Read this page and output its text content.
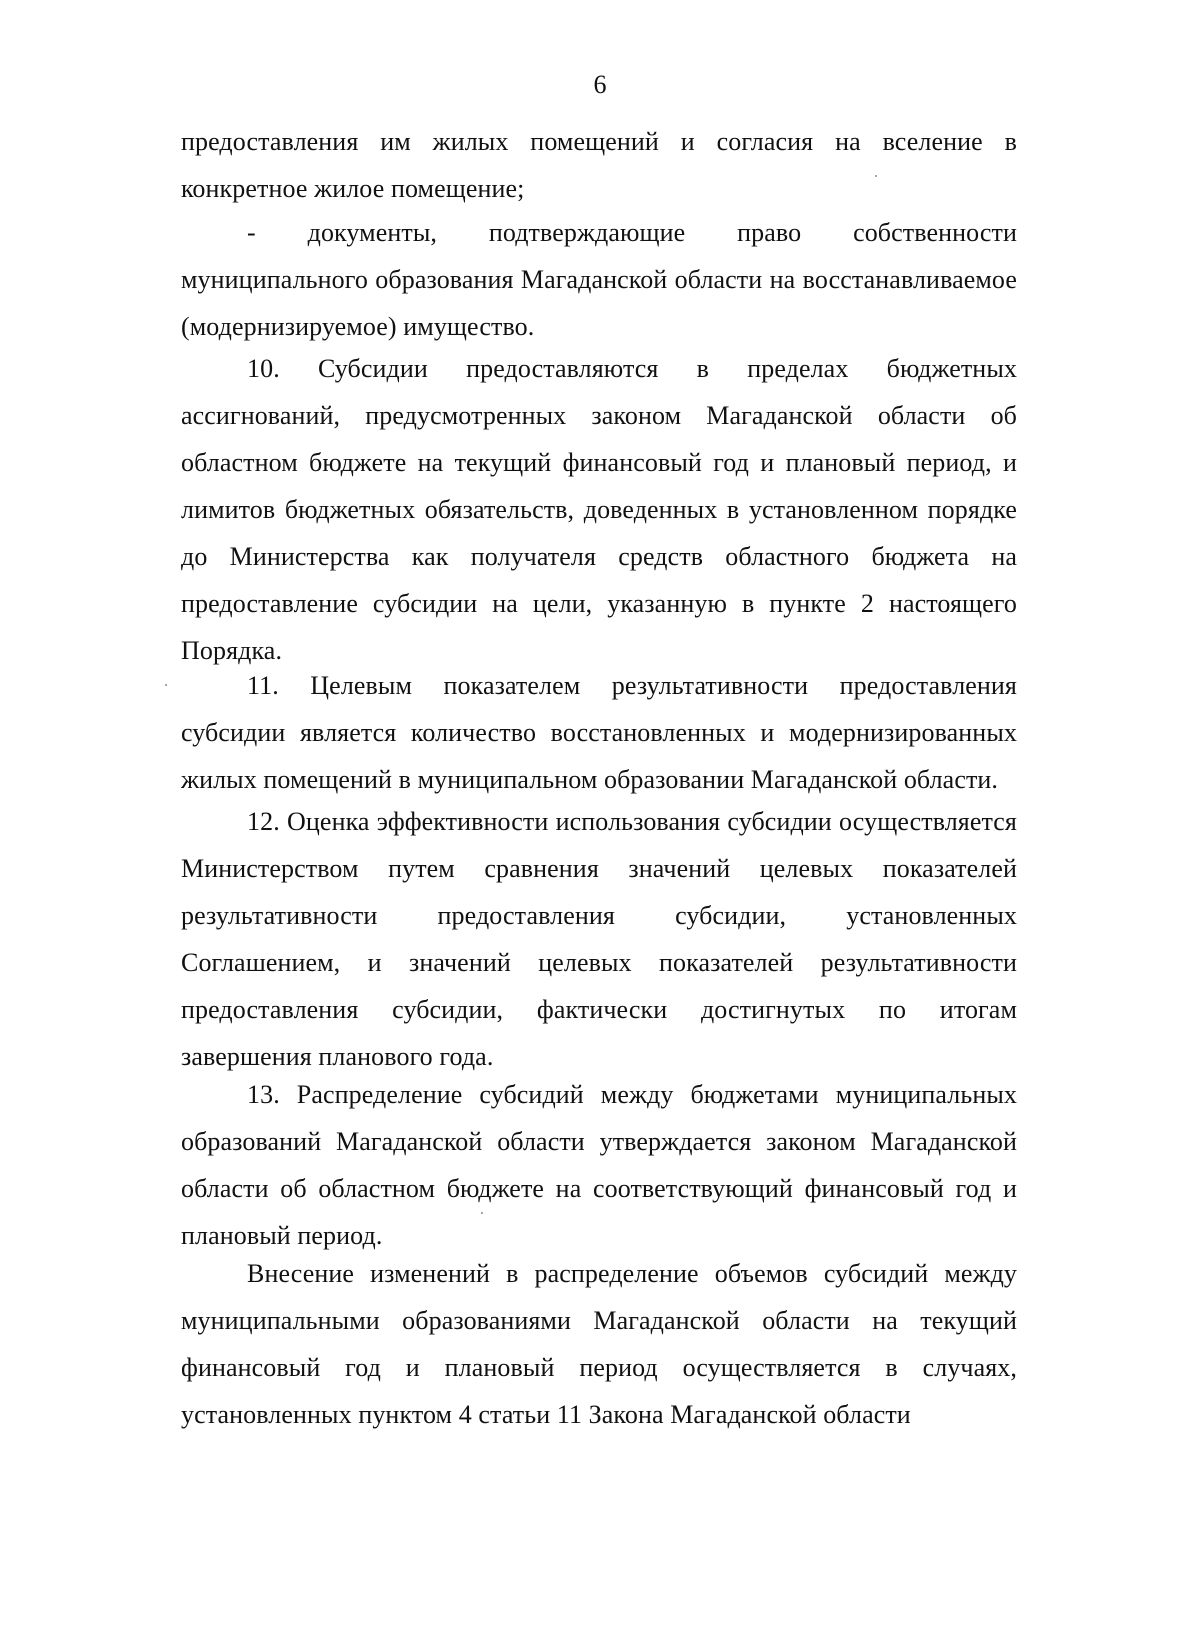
6

предоставления им жилых помещений и согласия на вселение в конкретное жилое помещение;

- документы, подтверждающие право собственности муниципального образования Магаданской области на восстанавливаемое (модернизируемое) имущество.

10. Субсидии предоставляются в пределах бюджетных ассигнований, предусмотренных законом Магаданской области об областном бюджете на текущий финансовый год и плановый период, и лимитов бюджетных обязательств, доведенных в установленном порядке до Министерства как получателя средств областного бюджета на предоставление субсидии на цели, указанную в пункте 2 настоящего Порядка.

11. Целевым показателем результативности предоставления субсидии является количество восстановленных и модернизированных жилых помещений в муниципальном образовании Магаданской области.

12. Оценка эффективности использования субсидии осуществляется Министерством путем сравнения значений целевых показателей результативности предоставления субсидии, установленных Соглашением, и значений целевых показателей результативности предоставления субсидии, фактически достигнутых по итогам завершения планового года.

13. Распределение субсидий между бюджетами муниципальных образований Магаданской области утверждается законом Магаданской области об областном бюджете на соответствующий финансовый год и плановый период.

Внесение изменений в распределение объемов субсидий между муниципальными образованиями Магаданской области на текущий финансовый год и плановый период осуществляется в случаях, установленных пунктом 4 статьи 11 Закона Магаданской области
